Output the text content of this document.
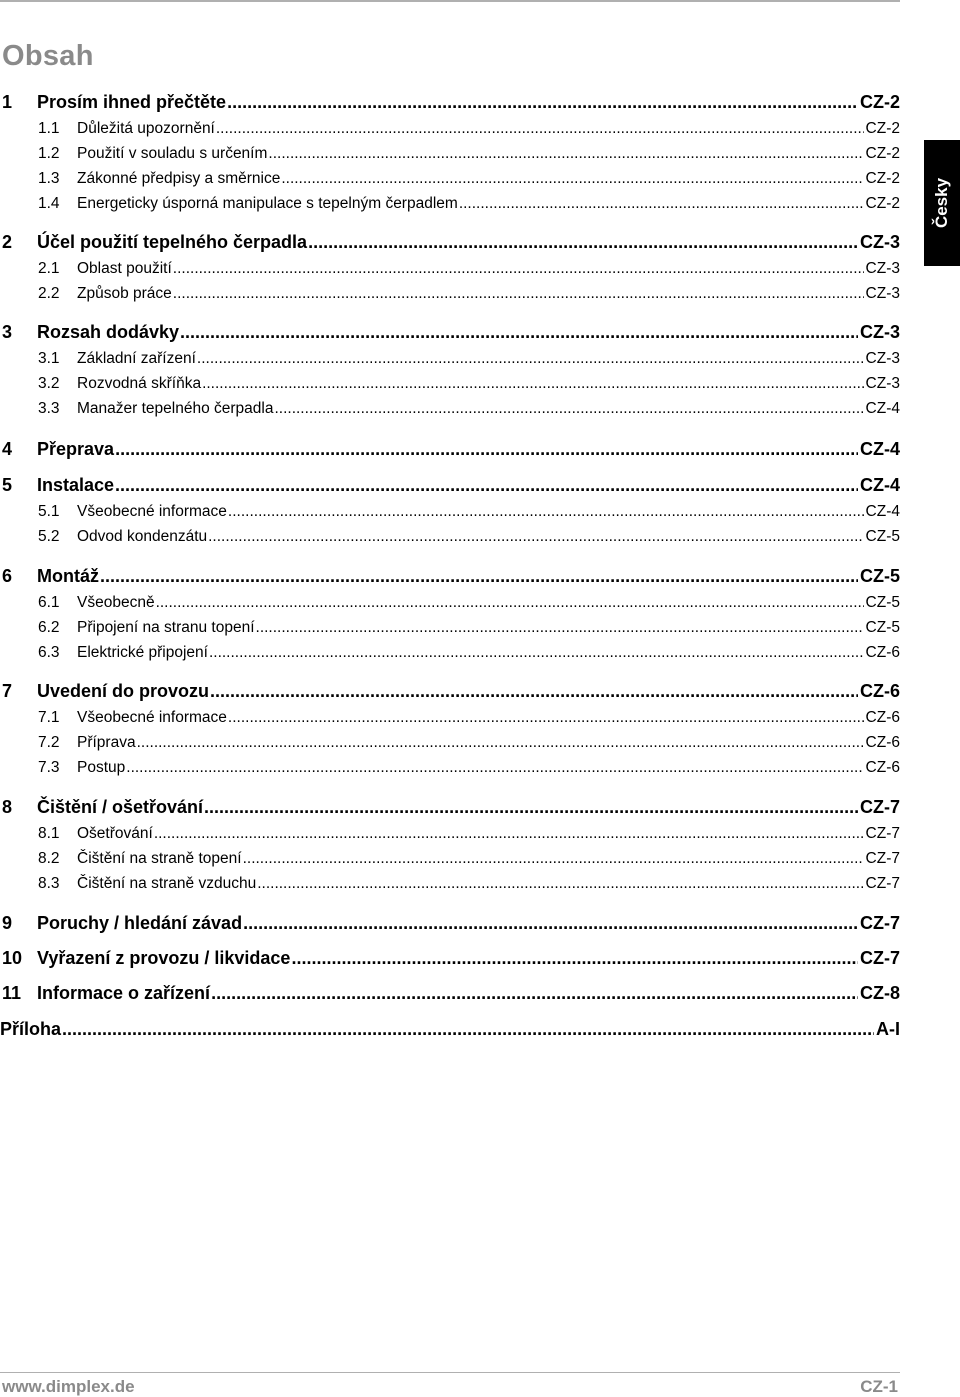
Obsah
Česky
1	Prosím ihned přečtěte .....	CZ-2
1.1	Důležitá upozornění .....	CZ-2
1.2	Použití v souladu s určením .....	CZ-2
1.3	Zákonné předpisy a směrnice .....	CZ-2
1.4	Energeticky úsporná manipulace s tepelným čerpadlem .....	CZ-2
2	Účel použití tepelného čerpadla .....	CZ-3
2.1	Oblast použití .....	CZ-3
2.2	Způsob práce .....	CZ-3
3	Rozsah dodávky .....	CZ-3
3.1	Základní zařízení .....	CZ-3
3.2	Rozvodná skříňka .....	CZ-3
3.3	Manažer tepelného čerpadla .....	CZ-4
4	Přeprava .....	CZ-4
5	Instalace .....	CZ-4
5.1	Všeobecné informace .....	CZ-4
5.2	Odvod kondenzátu .....	CZ-5
6	Montáž .....	CZ-5
6.1	Všeobecně .....	CZ-5
6.2	Připojení na stranu topení .....	CZ-5
6.3	Elektrické připojení .....	CZ-6
7	Uvedení do provozu .....	CZ-6
7.1	Všeobecné informace .....	CZ-6
7.2	Příprava .....	CZ-6
7.3	Postup .....	CZ-6
8	Čištění / ošetřování .....	CZ-7
8.1	Ošetřování .....	CZ-7
8.2	Čištění na straně topení .....	CZ-7
8.3	Čištění na straně vzduchu .....	CZ-7
9	Poruchy / hledání závad .....	CZ-7
10 Vyřazení z provozu / likvidace .....	CZ-7
11 Informace o zařízení .....	CZ-8
Příloha .....	A-I
www.dimplex.de	CZ-1
